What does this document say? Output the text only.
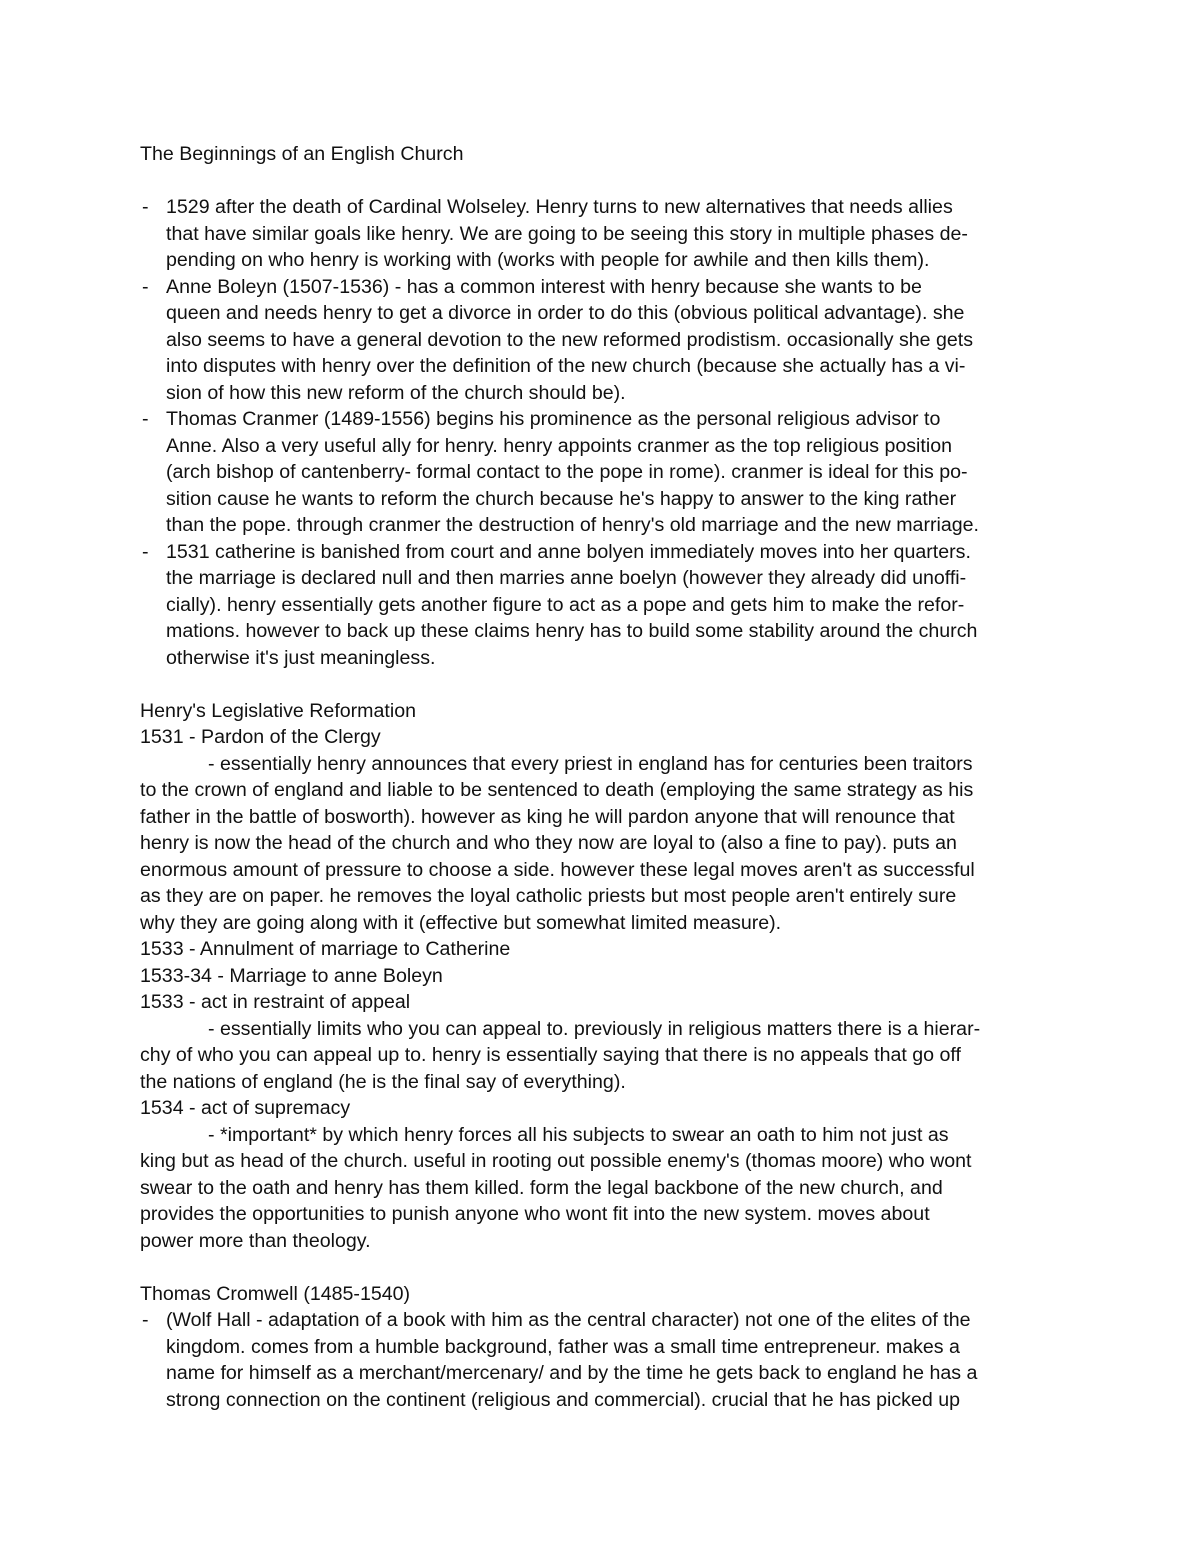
The Beginnings of an English Church
- 1529 after the death of Cardinal Wolseley. Henry turns to new alternatives that needs allies
that have similar goals like henry. We are going to be seeing this story in multiple phases de-
pending on who henry is working with (works with people for awhile and then kills them).
- Anne Boleyn (1507-1536) - has a common interest with henry because she wants to be
queen and needs henry to get a divorce in order to do this (obvious political advantage). she
also seems to have a general devotion to the new reformed prodistism. occasionally she gets
into disputes with henry over the definition of the new church (because she actually has a vi-
sion of how this new reform of the church should be).
- Thomas Cranmer (1489-1556) begins his prominence as the personal religious advisor to
Anne. Also a very useful ally for henry. henry appoints cranmer as the top religious position
(arch bishop of cantenberry- formal contact to the pope in rome). cranmer is ideal for this po-
sition cause he wants to reform the church because he's happy to answer to the king rather
than the pope. through cranmer the destruction of henry's old marriage and the new marriage.
- 1531 catherine is banished from court and anne bolyen immediately moves into her quarters.
the marriage is declared null and then marries anne boelyn (however they already did unoffi-
cially). henry essentially gets another figure to act as a pope and gets him to make the refor-
mations. however to back up these claims henry has to build some stability around the church
otherwise it's just meaningless.
Henry's Legislative Reformation
1531 - Pardon of the Clergy
- essentially henry announces that every priest in england has for centuries been traitors
to the crown of england and liable to be sentenced to death (employing the same strategy as his
father in the battle of bosworth). however as king he will pardon anyone that will renounce that
henry is now the head of the church and who they now are loyal to (also a fine to pay). puts an
enormous amount of pressure to choose a side. however these legal moves aren't as successful
as they are on paper. he removes the loyal catholic priests but most people aren't entirely sure
why they are going along with it (effective but somewhat limited measure).
1533 - Annulment of marriage to Catherine
1533-34 - Marriage to anne Boleyn
1533 - act in restraint of appeal
- essentially limits who you can appeal to. previously in religious matters there is a hierar-
chy of who you can appeal up to. henry is essentially saying that there is no appeals that go off
the nations of england (he is the final say of everything).
1534 - act of supremacy
- *important* by which henry forces all his subjects to swear an oath to him not just as
king but as head of the church. useful in rooting out possible enemy's (thomas moore) who wont
swear to the oath and henry has them killed. form the legal backbone of the new church, and
provides the opportunities to punish anyone who wont fit into the new system. moves about
power more than theology.
Thomas Cromwell (1485-1540)
- (Wolf Hall - adaptation of a book with him as the central character) not one of the elites of the
kingdom. comes from a humble background, father was a small time entrepreneur. makes a
name for himself as a merchant/mercenary/ and by the time he gets back to england he has a
strong connection on the continent (religious and commercial). crucial that he has picked up
